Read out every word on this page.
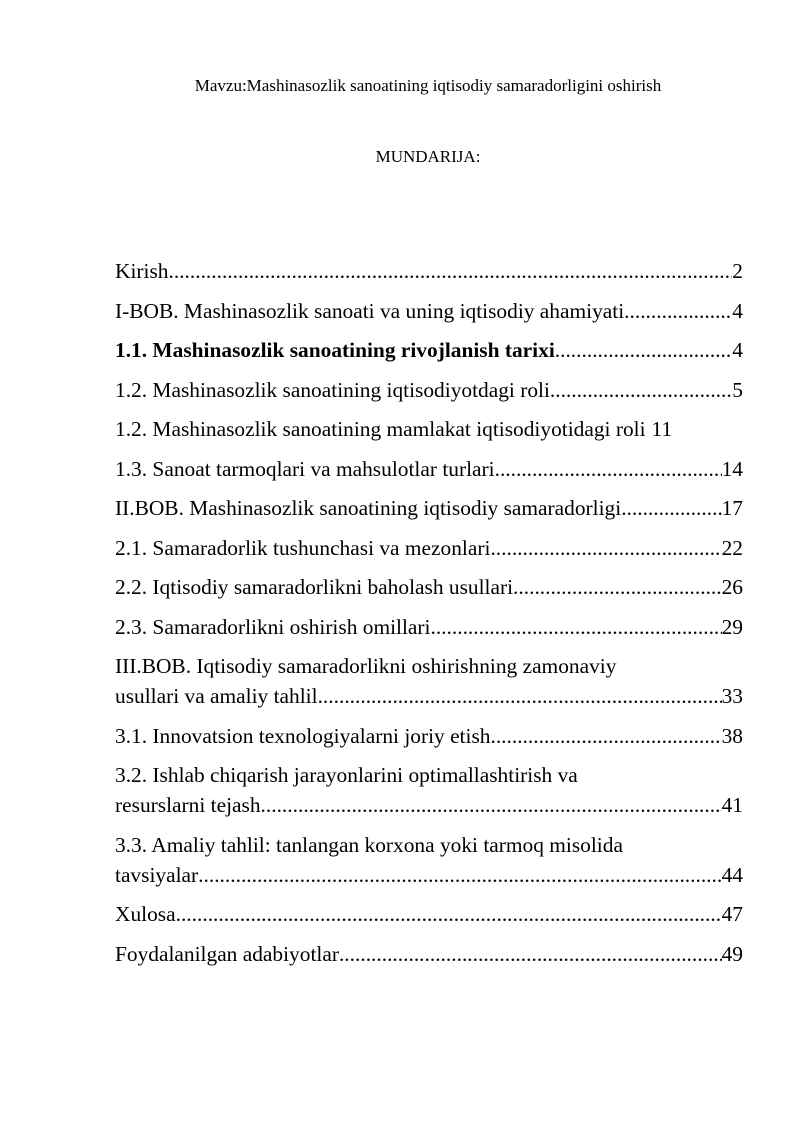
Mavzu:Mashinasozlik sanoatining iqtisodiy samaradorligini oshirish
MUNDARIJA:
Kirish .....	2
I-BOB. Mashinasozlik sanoati va uning iqtisodiy ahamiyati .....	4
1.1. Mashinasozlik sanoatining rivojlanish tarixi .....	4
1.2. Mashinasozlik sanoatining iqtisodiyotdagi roli .....	5
1.2. Mashinasozlik sanoatining mamlakat iqtisodiyotidagi roli 11
1.3. Sanoat tarmoqlari va mahsulotlar turlari .....	14
II.BOB. Mashinasozlik sanoatining iqtisodiy samaradorligi .....	17
2.1. Samaradorlik tushunchasi va mezonlari .....	22
2.2. Iqtisodiy samaradorlikni baholash usullari .....	26
2.3. Samaradorlikni oshirish omillari .....	29
III.BOB. Iqtisodiy samaradorlikni oshirishning zamonaviy
usullari va amaliy tahlil .....	33
3.1. Innovatsion texnologiyalarni joriy etish .....	38
3.2. Ishlab chiqarish jarayonlarini optimallashtirish va
resurslarni tejash .....	41
3.3. Amaliy tahlil: tanlangan korxona yoki tarmoq misolida
tavsiyalar .....	44
Xulosa .....	47
Foydalanilgan adabiyotlar .....	49
